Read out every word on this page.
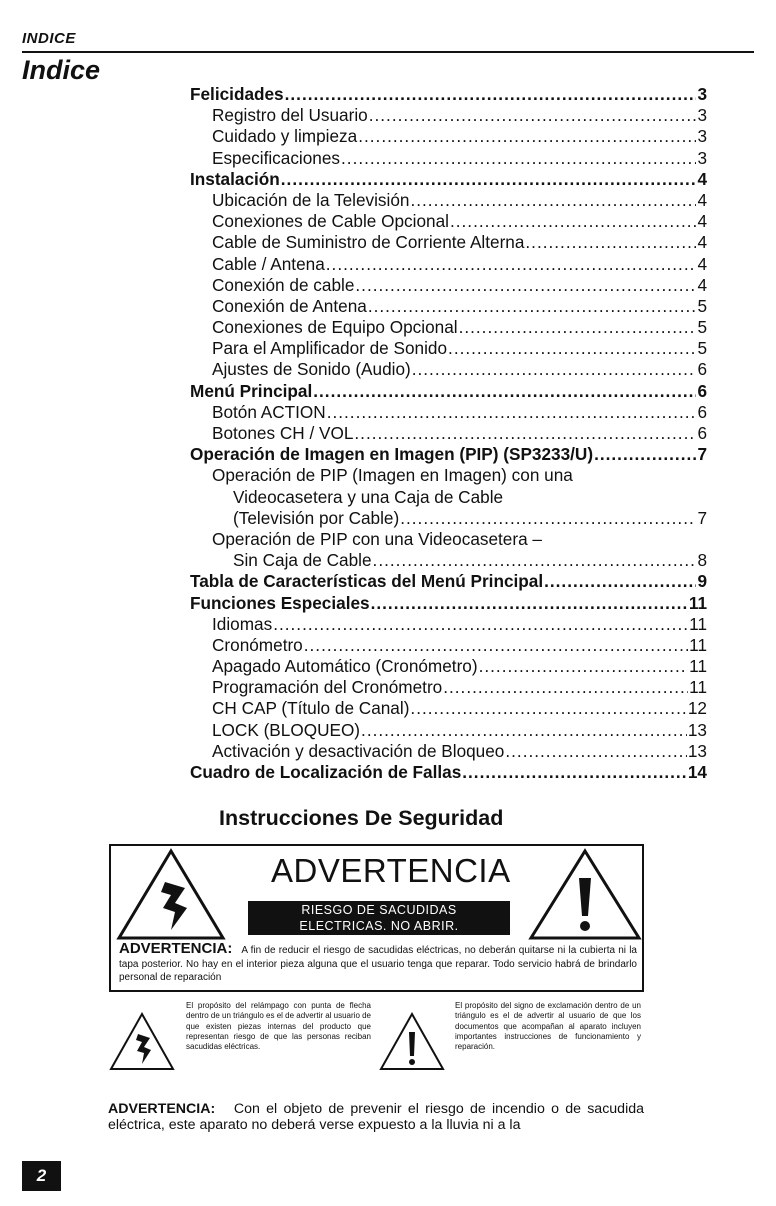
INDICE
Indice
Felicidades .....	3
Registro del Usuario .....	3
Cuidado y limpieza .....	3
Especificaciones .....	3
Instalación .....	4
Ubicación de la Televisión .....	4
Conexiones de Cable Opcional .....	4
Cable de Suministro de Corriente Alterna .....	4
Cable / Antena .....	4
Conexión de cable .....	4
Conexión de Antena .....	5
Conexiones de Equipo Opcional .....	5
Para el Amplificador de Sonido .....	5
Ajustes de Sonido (Audio) .....	6
Menú Principal .....	6
Botón ACTION .....	6
Botones CH / VOL .....	6
Operación de Imagen en Imagen (PIP) (SP3233/U) .....	7
Operación de PIP (Imagen en Imagen) con una
Videocasetera y una Caja de Cable
(Televisión por Cable) .....	7
Operación de PIP con una Videocasetera –
Sin Caja de Cable .....	8
Tabla de Características del Menú Principal .....	9
Funciones Especiales .....	11
Idiomas .....	11
Cronómetro .....	11
Apagado Automático (Cronómetro) .....	11
Programación del Cronómetro .....	11
CH CAP (Título de Canal) .....	12
LOCK (BLOQUEO) .....	13
Activación y desactivación de Bloqueo .....	13
Cuadro de Localización de Fallas .....	14
Instrucciones De Seguridad
ADVERTENCIA
RIESGO DE SACUDIDAS
ELECTRICAS. NO ABRIR.
ADVERTENCIA: A fin de reducir el riesgo de sacudidas eléctricas, no deberán quitarse ni la cubierta ni la tapa posterior. No hay en el interior pieza alguna que el usuario tenga que reparar. Todo servicio habrá de brindarlo personal de reparación
El propósito del relámpago con punta de flecha dentro de un triángulo es el de advertir al usuario de que existen piezas internas del producto que representan riesgo de que las personas reciban sacudidas eléctricas.
El propósito del signo de exclamación dentro de un triángulo es el de advertir al usuario de que los documentos que acompañan al aparato incluyen importantes instrucciones de funcionamiento y reparación.
ADVERTENCIA: Con el objeto de prevenir el riesgo de incendio o de sacudida eléctrica, este aparato no deberá verse expuesto a la lluvia ni a la
2
